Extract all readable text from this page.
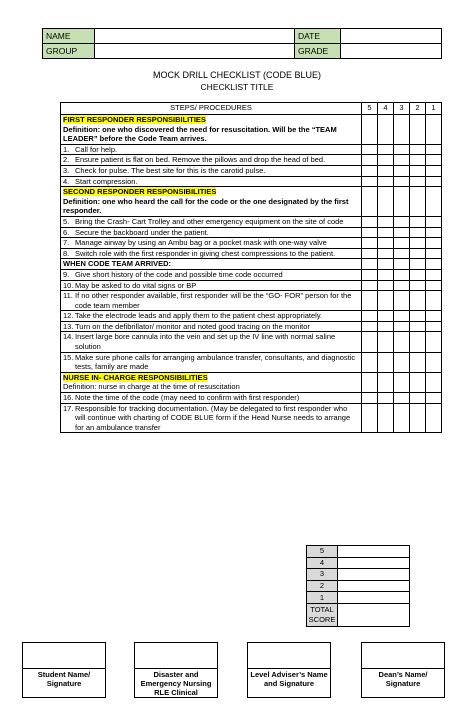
NAME		DATE	
GROUP		GRADE	
MOCK DRILL CHECKLIST (CODE BLUE)
CHECKLIST TITLE
STEPS/ PROCEDURES	5	4	3	2	1
FIRST RESPONDER RESPONSIBILITIES
Definition: one who discovered the need for resuscitation. Will be the “TEAM LEADER” before the Code Team arrives.					

1. Call for help.					

2. Ensure patient is flat on bed. Remove the pillows and drop the head of bed.					

3. Check for pulse. The best site for this is the carotid pulse.					

4. Start compression.					

SECOND RESPONDER RESPONSIBILITIES
Definition: one who heard the call for the code or the one designated by the first responder.					

5. Bring the Crash- Cart Trolley and other emergency equipment on the site of code					

6. Secure the backboard under the patient.					

7. Manage airway by using an Ambu bag or a pocket mask with one-way valve					

8. Switch role with the first responder in giving chest compressions to the patient.					

WHEN CODE TEAM ARRIVED:					

9. Give short history of the code and possible time code occurred					

10. May be asked to do vital signs or BP					

11. If no other responder available, first responder will be the “GO- FOR” person for the code team member					

12. Take the electrode leads and apply them to the patient chest appropriately.					

13. Turn on the defibrillator/ monitor and noted good tracing on the monitor					

14. Insert large bore cannula into the vein and set up the IV line with normal saline solution					

15. Make sure phone calls for arranging ambulance transfer, consultants, and diagnostic tests, family are made					

NURSE IN- CHARGE RESPONSIBILITIES
Definition: nurse in charge at the time of resuscitation					

16. Note the time of the code (may need to confirm with first responder)					

17. Responsible for tracking documentation. (May be delegated to first responder who will continue with charting of CODE BLUE form if the Head Nurse needs to arrange for an ambulance transfer					

5	
4	
3	
2	
1	
TOTAL SCORE	
Student Name/
Signature
Disaster and
Emergency Nursing
RLE Clinical
Level Adviser’s Name
and Signature
Dean’s Name/
Signature
